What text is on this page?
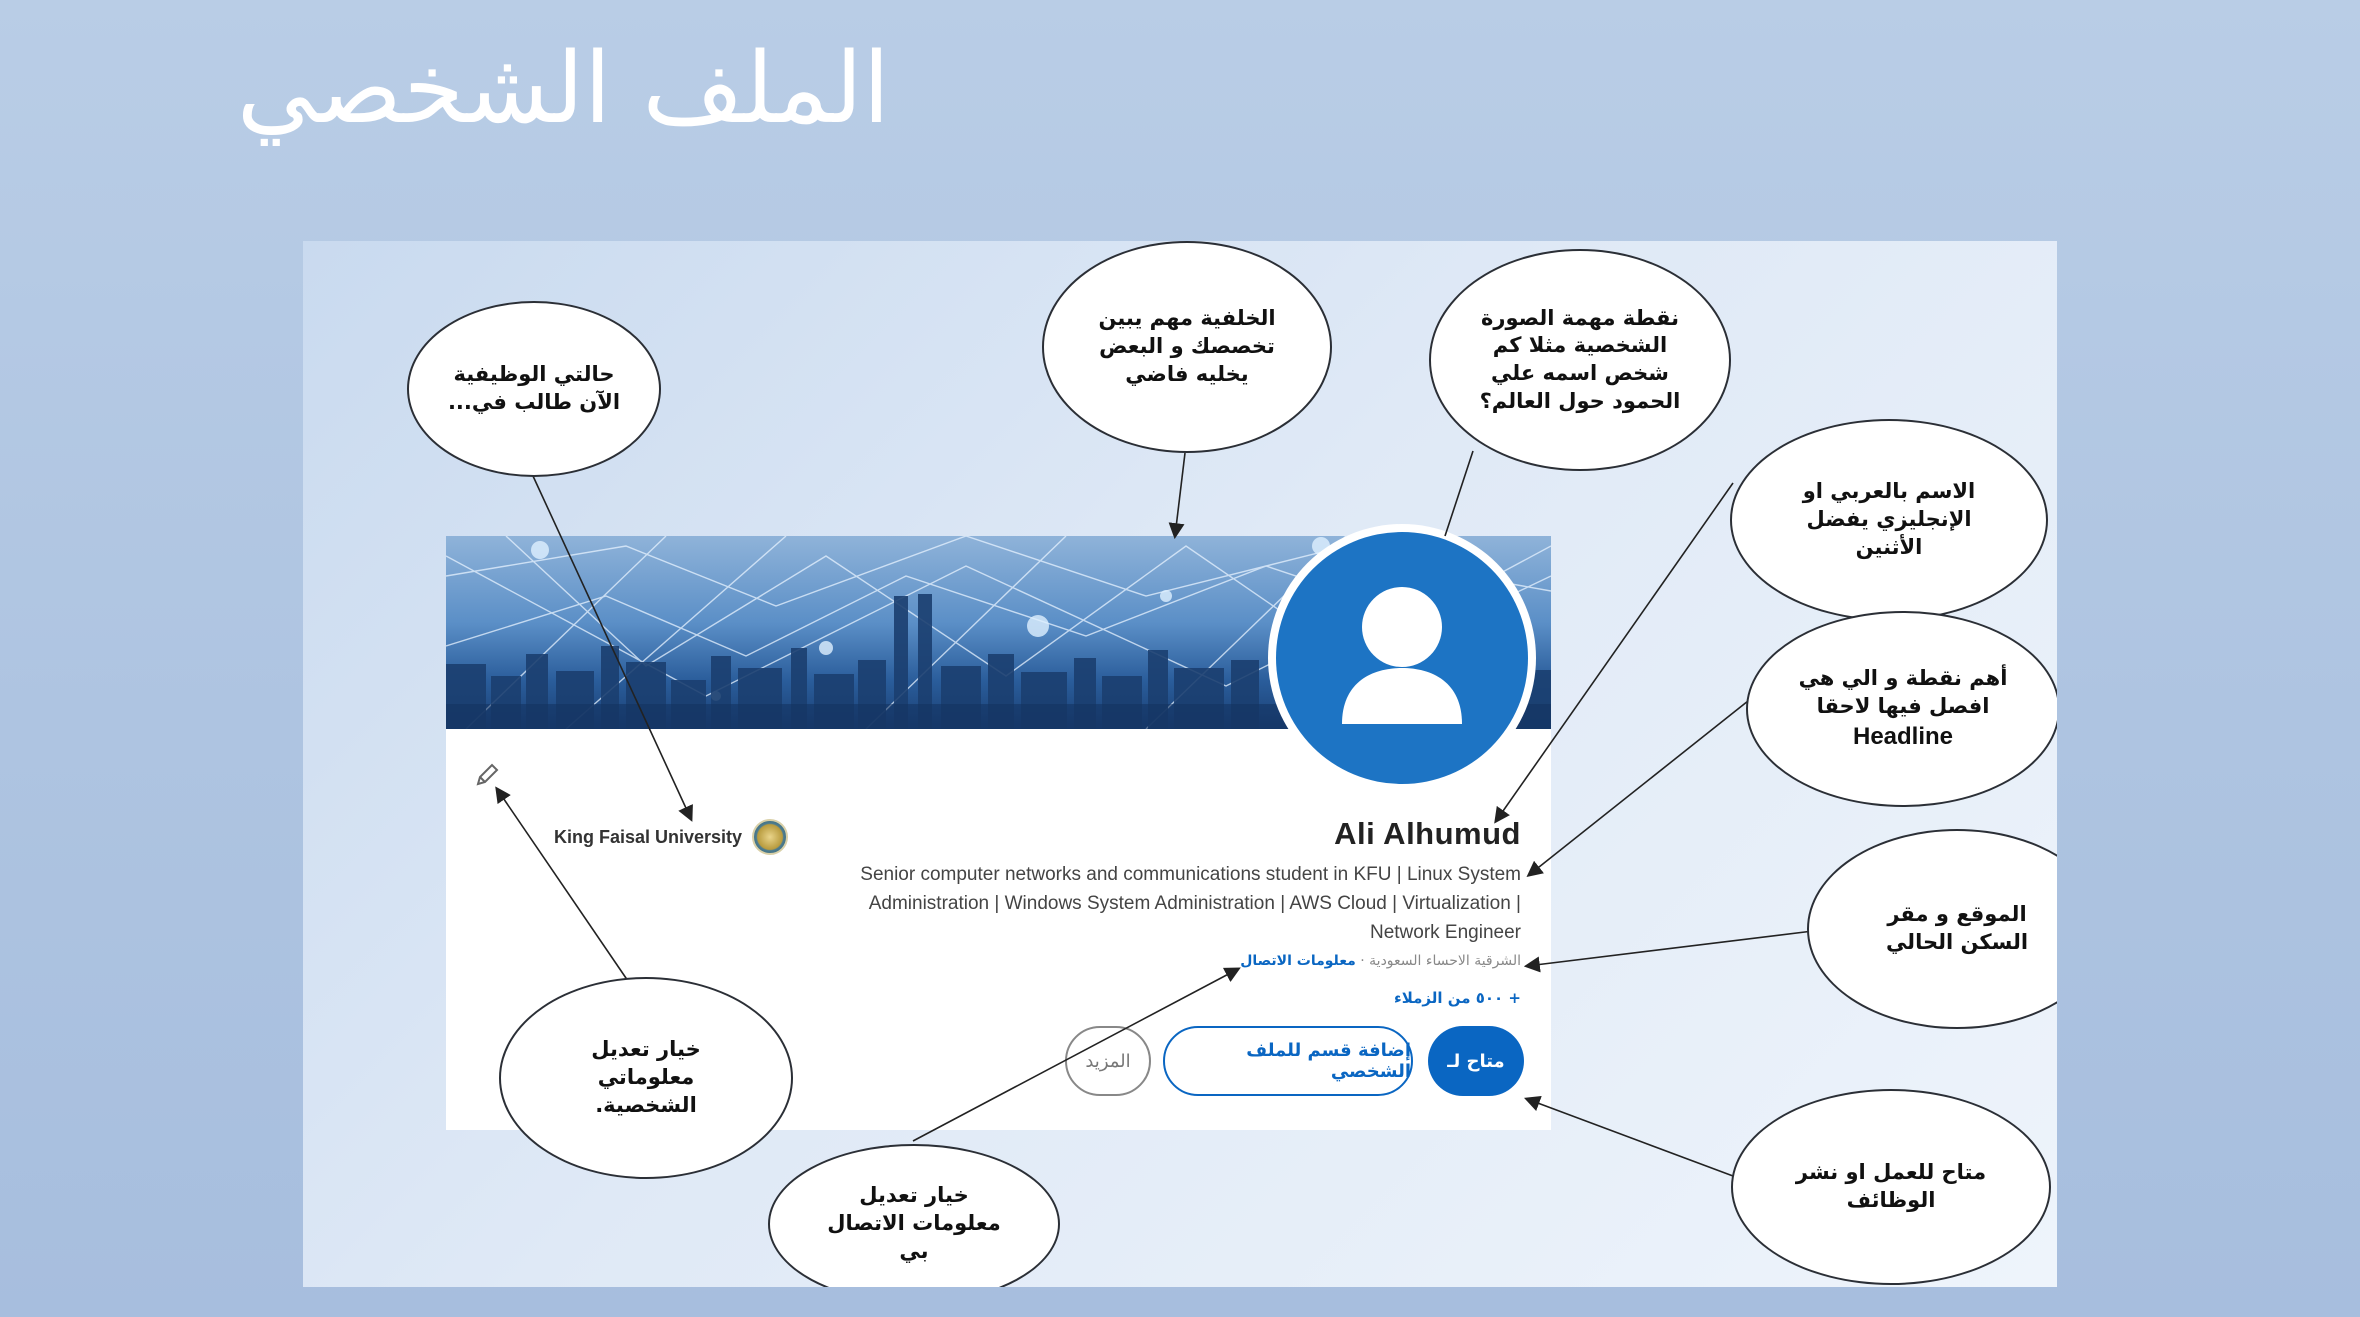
الملف الشخصي
King Faisal University	Ali Alhumud
Senior computer networks and communications student in KFU | Linux System Administration | Windows System Administration | AWS Cloud | Virtualization | Network Engineer
الشرقية الاحساء السعودية · معلومات الاتصال
+ ٥٠٠ من الزملاء
متاح لـ
إضافة قسم للملف الشخصي
المزيد
حالتي الوظيفية الآن طالب في...
الخلفية مهم يبين تخصصك و البعض يخليه فاضي
نقطة مهمة الصورة الشخصية مثلا كم شخص اسمه علي الحمود حول العالم؟
الاسم بالعربي او الإنجليزي يفضل الأثنين
أهم نقطة و الي هي افصل فيها لاحقا
Headline
الموقع و مقر السكن الحالي
متاح للعمل او نشر الوظائف
خيار تعديل معلوماتي الشخصية.
خيار تعديل معلومات الاتصال بي
